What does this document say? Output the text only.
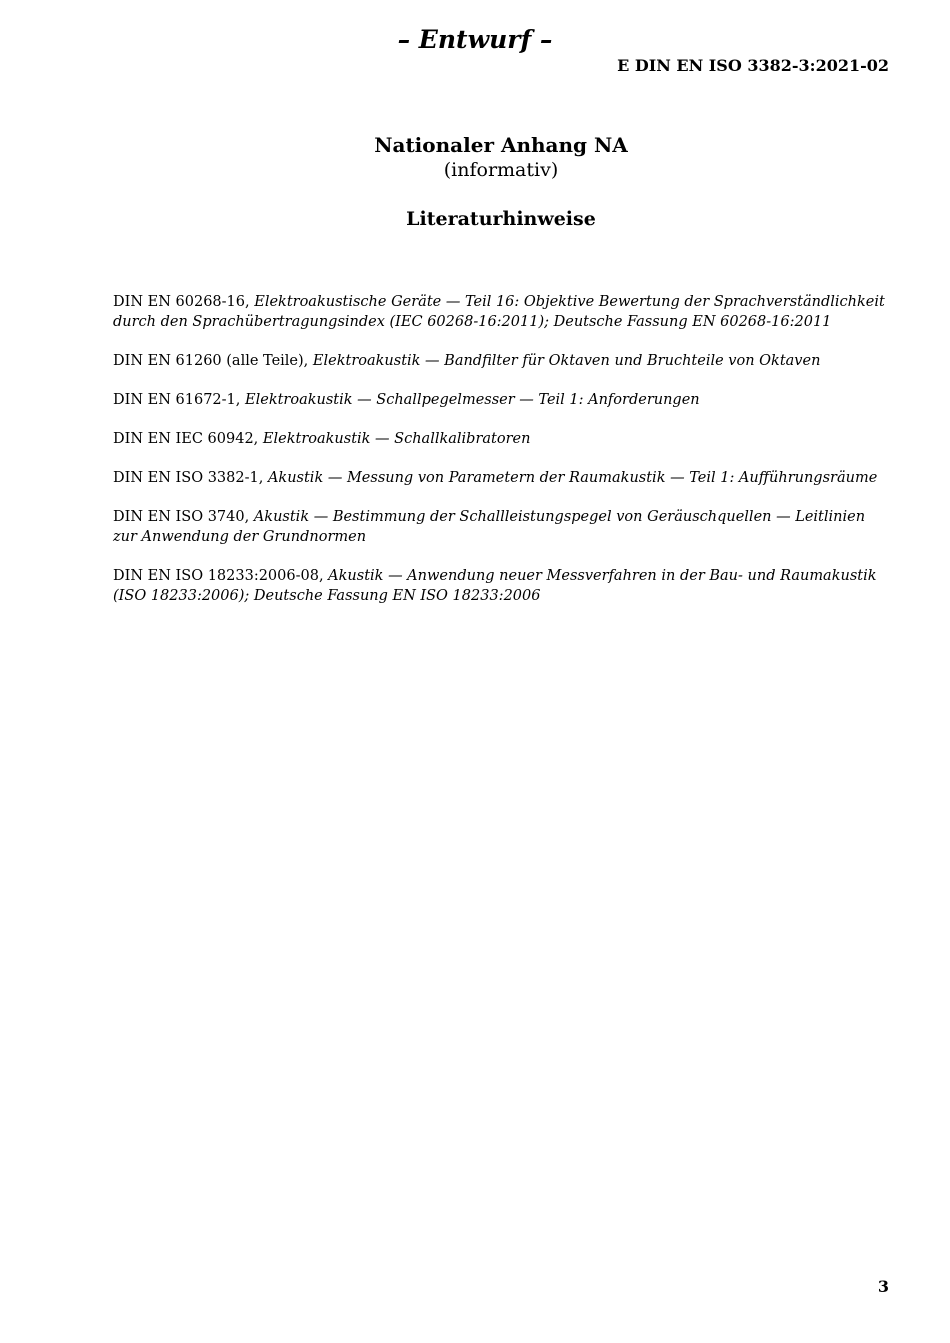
– Entwurf –
E DIN EN ISO 3382-3:2021-02
Nationaler Anhang NA
(informativ)
Literaturhinweise

DIN EN 60268-16, Elektroakustische Geräte — Teil 16: Objektive Bewertung der Sprachverständlichkeit durch den Sprachübertragungsindex (IEC 60268-16:2011); Deutsche Fassung EN 60268-16:2011

DIN EN 61260 (alle Teile), Elektroakustik — Bandfilter für Oktaven und Bruchteile von Oktaven

DIN EN 61672-1, Elektroakustik — Schallpegelmesser — Teil 1: Anforderungen

DIN EN IEC 60942, Elektroakustik — Schallkalibratoren

DIN EN ISO 3382-1, Akustik — Messung von Parametern der Raumakustik — Teil 1: Aufführungsräume

DIN EN ISO 3740, Akustik — Bestimmung der Schallleistungspegel von Geräuschquellen — Leitlinien zur Anwendung der Grundnormen

DIN EN ISO 18233:2006-08, Akustik — Anwendung neuer Messverfahren in der Bau- und Raumakustik (ISO 18233:2006); Deutsche Fassung EN ISO 18233:2006

3
